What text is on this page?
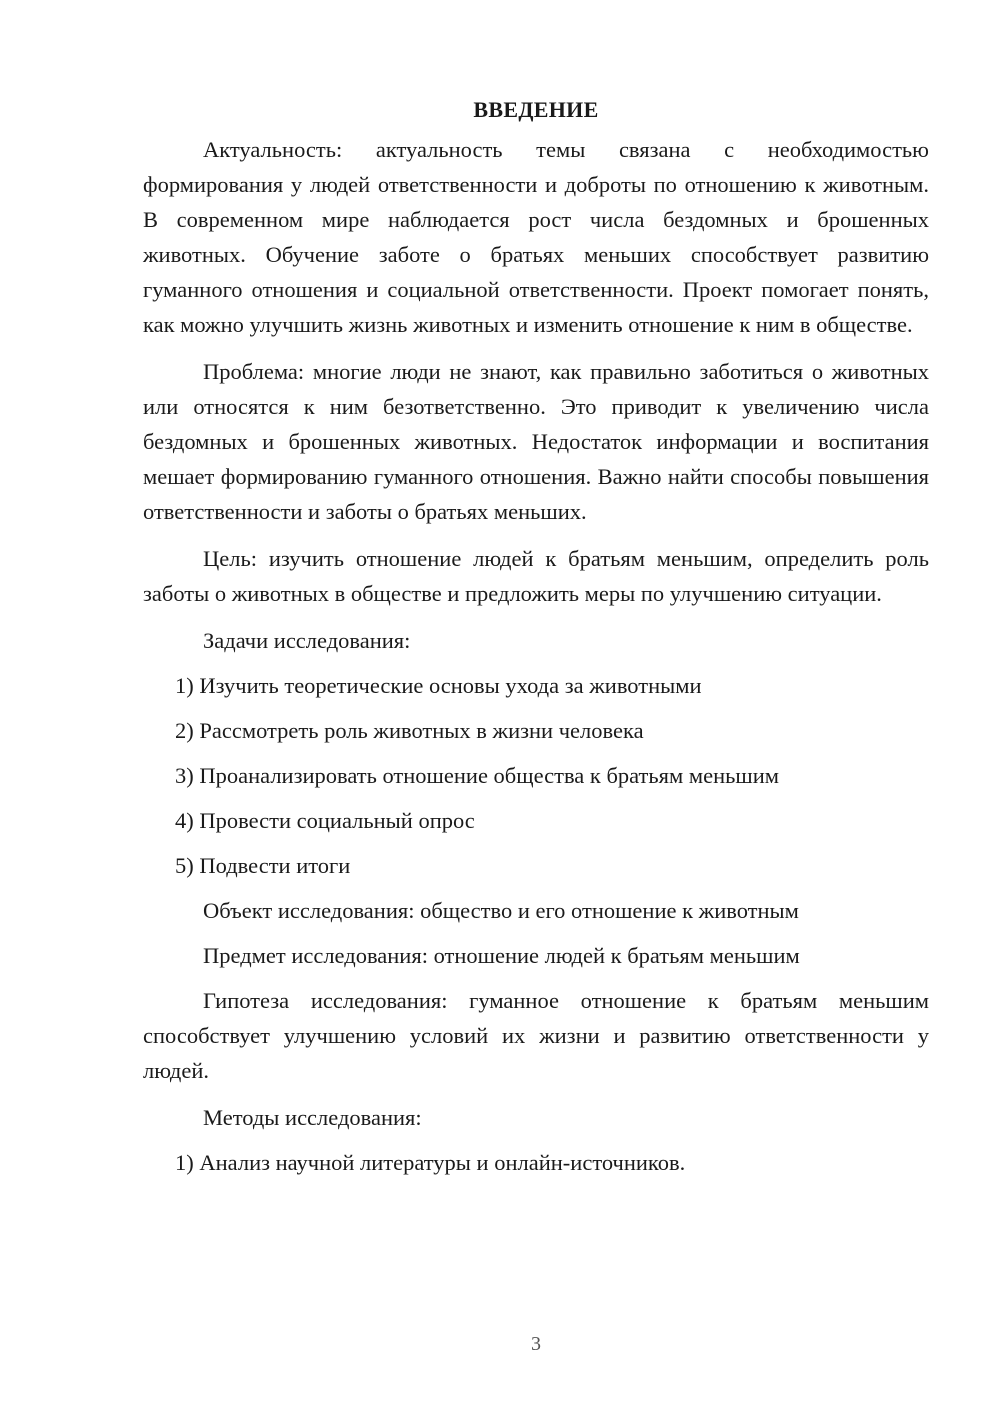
ВВЕДЕНИЕ

Актуальность: актуальность темы связана с необходимостью формирования у людей ответственности и доброты по отношению к животным. В современном мире наблюдается рост числа бездомных и брошенных животных. Обучение заботе о братьях меньших способствует развитию гуманного отношения и социальной ответственности. Проект помогает понять, как можно улучшить жизнь животных и изменить отношение к ним в обществе.

Проблема: многие люди не знают, как правильно заботиться о животных или относятся к ним безответственно. Это приводит к увеличению числа бездомных и брошенных животных. Недостаток информации и воспитания мешает формированию гуманного отношения. Важно найти способы повышения ответственности и заботы о братьях меньших.

Цель: изучить отношение людей к братьям меньшим, определить роль заботы о животных в обществе и предложить меры по улучшению ситуации.

Задачи исследования:
1) Изучить теоретические основы ухода за животными
2) Рассмотреть роль животных в жизни человека
3) Проанализировать отношение общества к братьям меньшим
4) Провести социальный опрос
5) Подвести итоги
Объект исследования: общество и его отношение к животным
Предмет исследования: отношение людей к братьям меньшим

Гипотеза исследования: гуманное отношение к братьям меньшим способствует улучшению условий их жизни и развитию ответственности у людей.

Методы исследования:
1) Анализ научной литературы и онлайн-источников.
3
